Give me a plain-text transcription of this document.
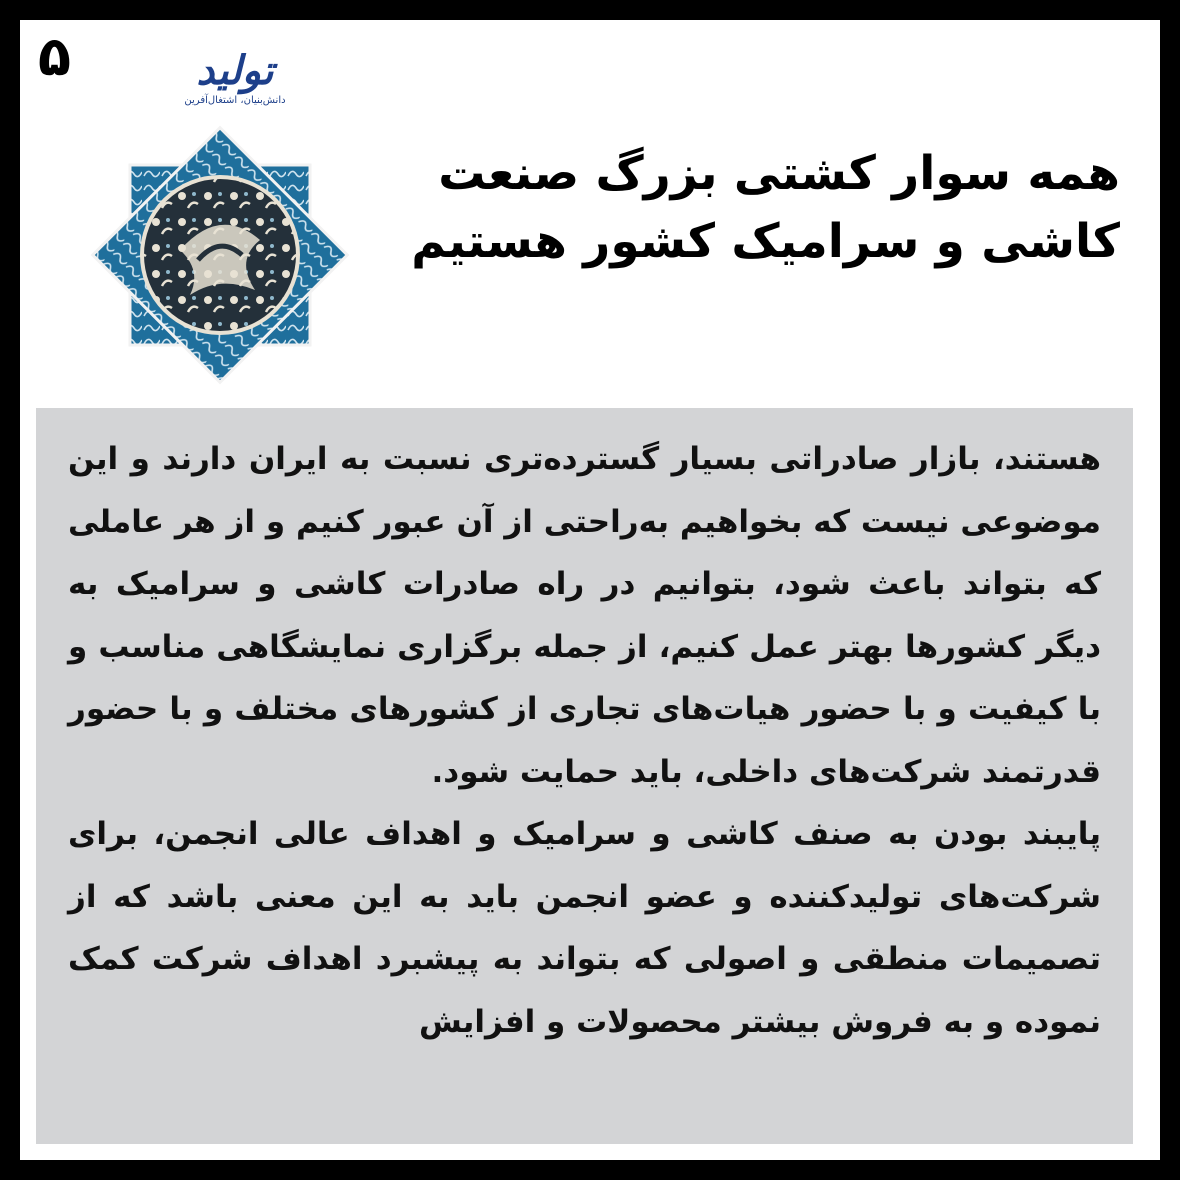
۵	تولید
دانش‌بنیان، اشتغال‌آفرین
همه سوار کشتی بزرگ صنعت
کاشی و سرامیک کشور هستیم

هستند، بازار صادراتی بسیار گسترده‌تری نسبت به ایران دارند و این موضوعی نیست که بخواهیم به‌راحتی از آن عبور کنیم و از هر عاملی که بتواند باعث شود، بتوانیم در راه صادرات کاشی و سرامیک به دیگر کشورها بهتر عمل کنیم، از جمله برگزاری نمایشگاهی مناسب و با کیفیت و با حضور هیات‌های تجاری از کشورهای مختلف و با حضور قدرتمند شرکت‌های داخلی، باید حمایت شود.

پایبند بودن به صنف کاشی و سرامیک و اهداف عالی انجمن، برای شرکت‌های تولیدکننده و عضو انجمن باید به این معنی باشد که از تصمیمات منطقی و اصولی که بتواند به پیشبرد اهداف شرکت کمک نموده و به فروش بیشتر محصولات و افزایش
